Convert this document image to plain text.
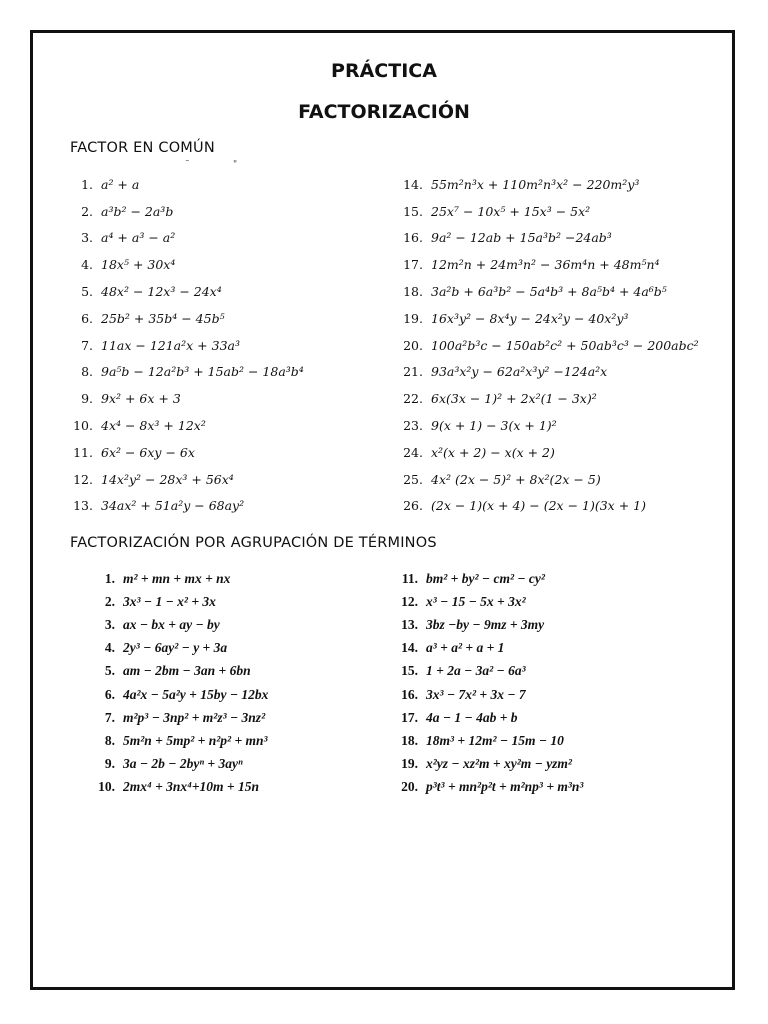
PRÁCTICA
FACTORIZACIÓN
FACTOR EN COMÚN
˜	"
1. a² + a
2. a³b² − 2a³b
3. a⁴ + a³ − a²
4. 18x⁵ + 30x⁴
5. 48x² − 12x³ − 24x⁴
6. 25b² + 35b⁴ − 45b⁵
7. 11ax − 121a²x + 33a³
8. 9a⁵b − 12a²b³ + 15ab² − 18a³b⁴
9. 9x² + 6x + 3
10. 4x⁴ − 8x³ + 12x²
11. 6x² − 6xy − 6x
12. 14x²y² − 28x³ + 56x⁴
13. 34ax² + 51a²y − 68ay²
14. 55m²n³x + 110m²n³x² − 220m²y³
15. 25x⁷ − 10x⁵ + 15x³ − 5x²
16. 9a² − 12ab + 15a³b² −24ab³
17. 12m²n + 24m³n² − 36m⁴n + 48m⁵n⁴
18. 3a²b + 6a³b² − 5a⁴b³ + 8a⁵b⁴ + 4a⁶b⁵
19. 16x³y² − 8x⁴y − 24x²y − 40x²y³
20. 100a²b³c − 150ab²c² + 50ab³c³ − 200abc²
21. 93a³x²y − 62a²x³y² −124a²x
22. 6x(3x − 1)² + 2x²(1 − 3x)²
23. 9(x + 1) − 3(x + 1)²
24. x²(x + 2) − x(x + 2)
25. 4x² (2x − 5)² + 8x²(2x − 5)
26. (2x − 1)(x + 4) − (2x − 1)(3x + 1)
FACTORIZACIÓN POR AGRUPACIÓN DE TÉRMINOS
1. m² + mn + mx + nx
2. 3x³ − 1 − x² + 3x
3. ax − bx + ay − by
4. 2y³ − 6ay² − y + 3a
5. am − 2bm − 3an + 6bn
6. 4a²x − 5a²y + 15by − 12bx
7. m²p³ − 3np² + m²z³ − 3nz²
8. 5m²n + 5mp² + n²p² + mn³
9. 3a − 2b − 2byⁿ + 3ayⁿ
10. 2mx⁴ + 3nx⁴+10m + 15n
11. bm² + by² − cm² − cy²
12. x³ − 15 − 5x + 3x²
13. 3bz −by − 9mz + 3my
14. a³ + a² + a + 1
15. 1 + 2a − 3a² − 6a³
16. 3x³ − 7x² + 3x − 7
17. 4a − 1 − 4ab + b
18. 18m³ + 12m² − 15m − 10
19. x²yz − xz²m + xy²m − yzm²
20. p³t³ + mn²p²t + m²np³ + m³n³
